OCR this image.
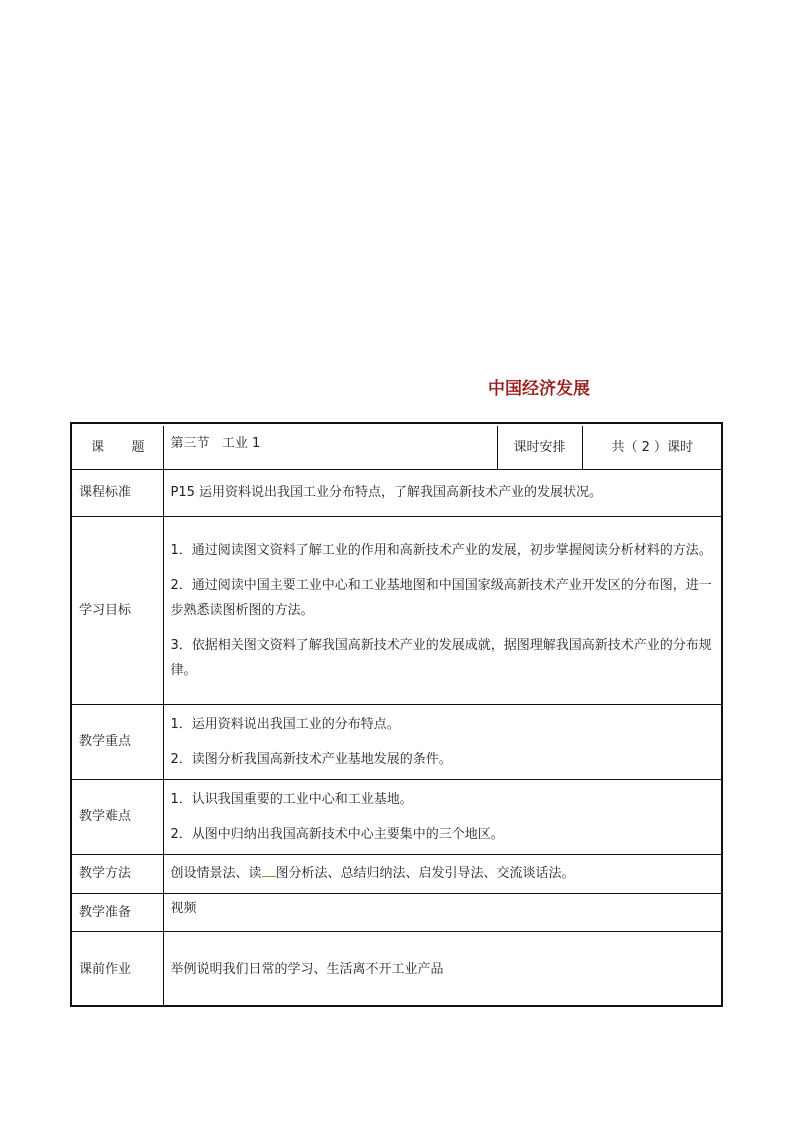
中国经济发展
课 题	第三节   工业 1	课时安排	共（ 2 ）课时
课程标准	P15 运用资料说出我国工业分布特点，了解我国高新技术产业的发展状况。		

学习目标	1．通过阅读图文资料了解工业的作用和高新技术产业的发展，初步掌握阅读分析材料的方法。

2．通过阅读中国主要工业中心和工业基地图和中国国家级高新技术产业开发区的分布图，进一步熟悉读图析图的方法。

3．依据相关图文资料了解我国高新技术产业的发展成就，据图理解我国高新技术产业的分布规律。		

教学重点	1．运用资料说出我国工业的分布特点。

2．读图分析我国高新技术产业基地发展的条件。		

教学难点	1．认识我国重要的工业中心和工业基地。

2．从图中归纳出我国高新技术中心主要集中的三个地区。		

教学方法	创设情景法、读 图分析法、总结归纳法、启发引导法、交流谈话法。		
教学准备	视频		

课前作业	举例说明我们日常的学习、生活离不开工业产品		
